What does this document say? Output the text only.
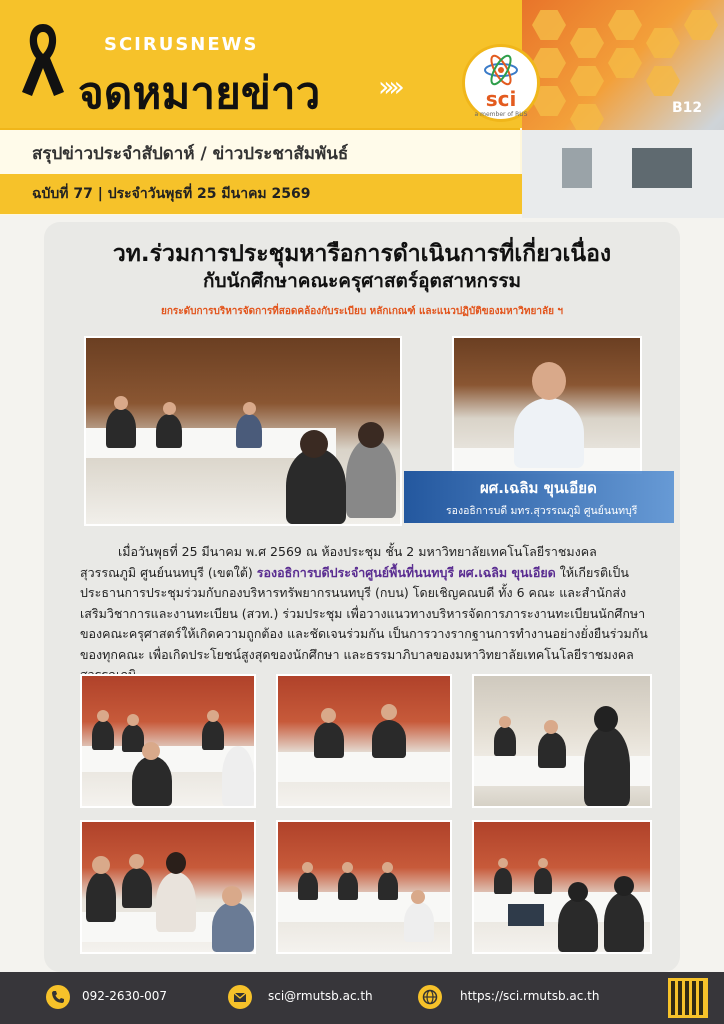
SCIRUSNEWS
จดหมายข่าว ››››
B12
sci
a member of RUS
สรุปข่าวประจำสัปดาห์ / ข่าวประชาสัมพันธ์
ฉบับที่ 77 | ประจำวันพุธที่ 25 มีนาคม 2569
วท.ร่วมการประชุมหารือการดำเนินการที่เกี่ยวเนื่อง
กับนักศึกษาคณะครุศาสตร์อุตสาหกรรม
ยกระดับการบริหารจัดการที่สอดคล้องกับระเบียบ หลักเกณฑ์ และแนวปฏิบัติของมหาวิทยาลัย ฯ
ผศ.เฉลิม ขุนเอียด
รองอธิการบดี มทร.สุวรรณภูมิ ศูนย์นนทบุรี
เมื่อวันพุธที่ 25 มีนาคม พ.ศ 2569 ณ ห้องประชุม ชั้น 2 มหาวิทยาลัยเทคโนโลยีราชมงคลสุวรรณภูมิ ศูนย์นนทบุรี (เขตใต้) รองอธิการบดีประจำศูนย์พื้นที่นนทบุรี ผศ.เฉลิม ขุนเอียด ให้เกียรติเป็นประธานการประชุมร่วมกับกองบริหารทรัพยากรนนทบุรี (กบน) โดยเชิญคณบดี ทั้ง 6 คณะ และสำนักส่งเสริมวิชาการและงานทะเบียน (สวท.) ร่วมประชุม เพื่อวางแนวทางบริหารจัดการภาระงานทะเบียนนักศึกษาของคณะครุศาสตร์ให้เกิดความถูกต้อง และชัดเจนร่วมกัน เป็นการวางรากฐานการทำงานอย่างยั่งยืนร่วมกันของทุกคณะ เพื่อเกิดประโยชน์สูงสุดของนักศึกษา และธรรมาภิบาลของมหาวิทยาลัยเทคโนโลยีราชมงคล
092-2630-007	sci@rmutsb.ac.th	https://sci.rmutsb.ac.th
